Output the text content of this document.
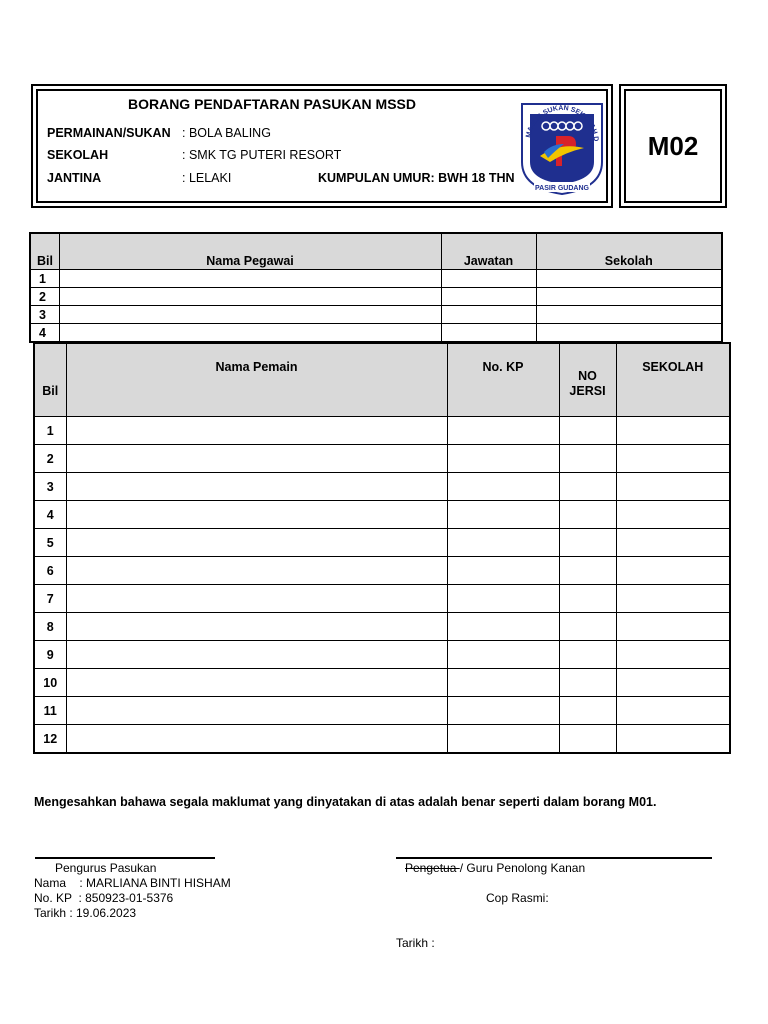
M02
BORANG PENDAFTARAN PASUKAN MSSD
PERMAINAN/SUKAN : BOLA BALING
SEKOLAH	: SMK TG PUTERI RESORT
JANTINA	: LELAKI	KUMPULAN UMUR: BWH 18 THN
MAJLIS SUKAN SEKOLAH D
PASIR GUDANG
Bil	Nama Pegawai	Jawatan	Sekolah
1			
2			
3			
4			
Bil	Nama Pemain	No. KP	NO JERSI	SEKOLAH
1				
2				
3				
4				
5				
6				
7				
8				
9				
10				
11				
12				
Mengesahkan bahawa segala maklumat yang dinyatakan di atas adalah benar seperti dalam borang M01.
Pengurus Pasukan
Nama    : MARLIANA BINTI HISHAM
No. KP  : 850923-01-5376
Tarikh : 19.06.2023
Pengetua / Guru Penolong Kanan
Cop Rasmi:
Tarikh :
